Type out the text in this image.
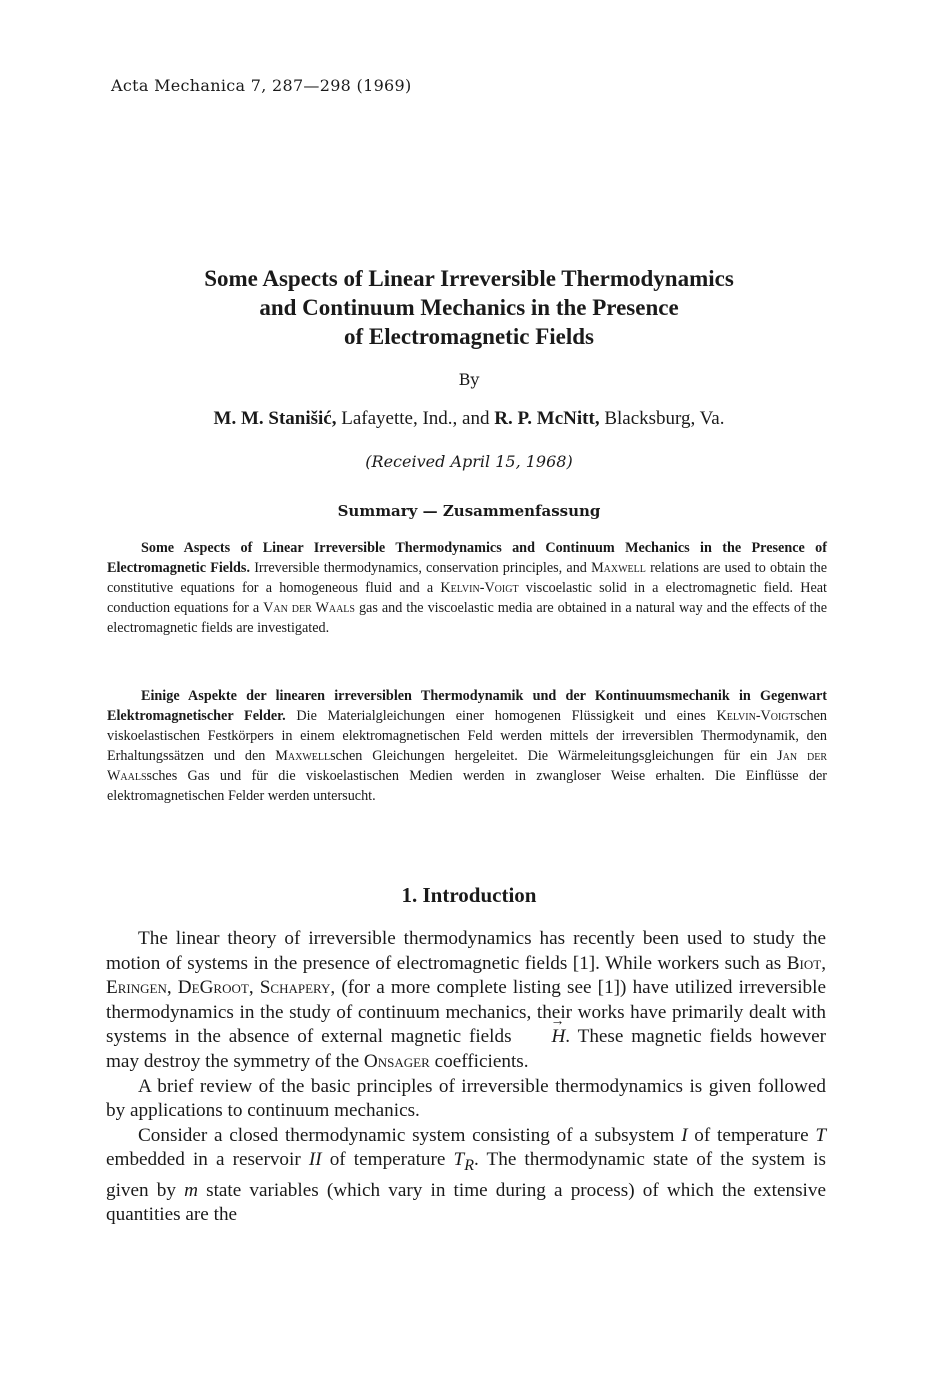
Acta Mechanica 7, 287—298 (1969)
Some Aspects of Linear Irreversible Thermodynamics
and Continuum Mechanics in the Presence
of Electromagnetic Fields
By
M. M. Stanišić, Lafayette, Ind., and R. P. McNitt, Blacksburg, Va.
(Received April 15, 1968)
Summary — Zusammenfassung

Some Aspects of Linear Irreversible Thermodynamics and Continuum Mechanics in the Presence of Electromagnetic Fields. Irreversible thermodynamics, conservation principles, and Maxwell relations are used to obtain the constitutive equations for a homogeneous fluid and a Kelvin-Voigt viscoelastic solid in a electromagnetic field. Heat conduction equations for a Van der Waals gas and the viscoelastic media are obtained in a natural way and the effects of the electromagnetic fields are investigated.

Einige Aspekte der linearen irreversiblen Thermodynamik und der Kontinuumsmechanik in Gegenwart Elektromagnetischer Felder. Die Materialgleichungen einer homogenen Flüssigkeit und eines Kelvin-Voigtschen viskoelastischen Festkörpers in einem elektromagnetischen Feld werden mittels der irreversiblen Thermodynamik, den Erhaltungssätzen und den Maxwellschen Gleichungen hergeleitet. Die Wärmeleitungsgleichungen für ein Jan der Waalssches Gas und für die viskoelastischen Medien werden in zwangloser Weise erhalten. Die Einflüsse der elektromagnetischen Felder werden untersucht.

1. Introduction

The linear theory of irreversible thermodynamics has recently been used to study the motion of systems in the presence of electromagnetic fields [1]. While workers such as Biot, Eringen, DeGroot, Schapery, (for a more complete listing see [1]) have utilized irreversible thermodynamics in the study of continuum mechanics, their works have primarily dealt with systems in the absence of external magnetic fields → H. These magnetic fields however may destroy the symmetry of the Onsager coefficients.

A brief review of the basic principles of irreversible thermodynamics is given followed by applications to continuum mechanics.

Consider a closed thermodynamic system consisting of a subsystem I of temperature T embedded in a reservoir II of temperature $T_R$. The thermodynamic state of the system is given by m state variables (which vary in time during a process) of which the extensive quantities are the
